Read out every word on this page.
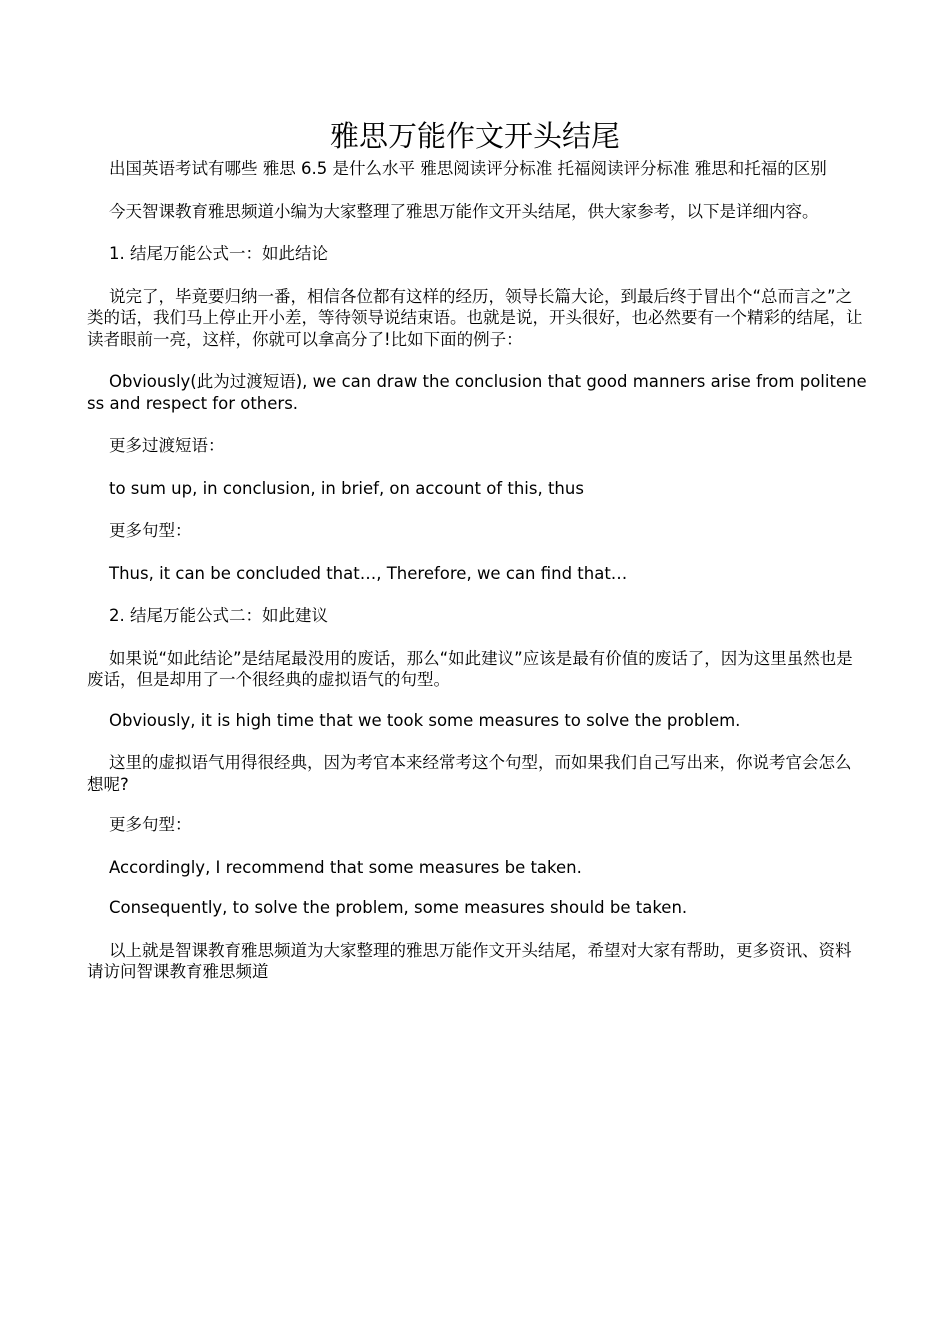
雅思万能作文开头结尾

出国英语考试有哪些 雅思 6.5 是什么水平 雅思阅读评分标准 托福阅读评分标准 雅思和托福的区别

今天智课教育雅思频道小编为大家整理了雅思万能作文开头结尾，供大家参考，以下是详细内容。

1. 结尾万能公式一：如此结论

说完了，毕竟要归纳一番，相信各位都有这样的经历，领导长篇大论，到最后终于冒出个“总而言之”之类的话，我们马上停止开小差，等待领导说结束语。也就是说，开头很好，也必然要有一个精彩的结尾，让读者眼前一亮，这样，你就可以拿高分了!比如下面的例子：

Obviously(此为过渡短语), we can draw the conclusion that good manners arise from politeness and respect for others.

更多过渡短语：

to sum up, in conclusion, in brief, on account of this, thus

更多句型：

Thus, it can be concluded that…, Therefore, we can find that…

2. 结尾万能公式二：如此建议

如果说“如此结论”是结尾最没用的废话，那么“如此建议”应该是最有价值的废话了，因为这里虽然也是废话，但是却用了一个很经典的虚拟语气的句型。

Obviously, it is high time that we took some measures to solve the problem.

这里的虚拟语气用得很经典，因为考官本来经常考这个句型，而如果我们自己写出来，你说考官会怎么想呢?

更多句型：

Accordingly, I recommend that some measures be taken.

Consequently, to solve the problem, some measures should be taken.

以上就是智课教育雅思频道为大家整理的雅思万能作文开头结尾，希望对大家有帮助，更多资讯、资料请访问智课教育雅思频道
